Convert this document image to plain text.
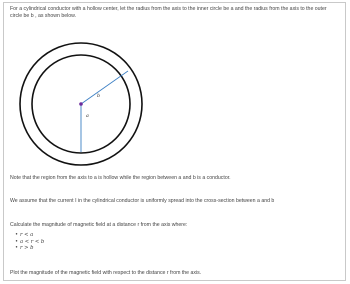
For a cylindrical conductor with a hollow center, let the radius from the axis to the inner circle be a and the radius from the axis to the outer circle be b , as shown below.

b
a

Note that the region from the axis to a is hollow while the region between a and b is a conductor.

We assume that the current I in the cylindrical conductor is uniformly spread into the cross-section between a and b

Calculate the magnitude of magnetic field at a distance r from the axis where:

• r < a
• a < r < b
• r > b

Plot the magnitude of the magnetic field with respect to the distance r from the axis.
